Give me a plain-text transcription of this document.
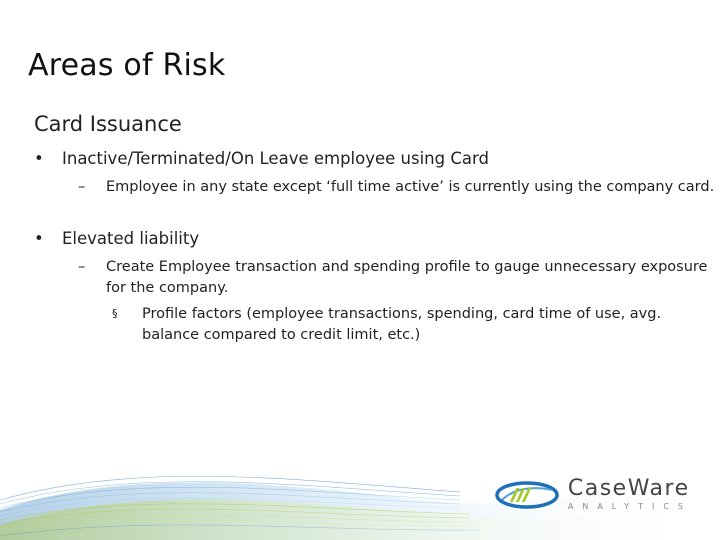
Areas of Risk
Card Issuance
• Inactive/Terminated/On Leave employee using Card
– Employee in any state except ‘full time active’ is currently using the company card.
• Elevated liability
– Create Employee transaction and spending profile to gauge unnecessary exposure
for the company.
§ Profile factors (employee transactions, spending, card time of use, avg.
balance compared to credit limit, etc.)
CaseWare
ANALYTICS
